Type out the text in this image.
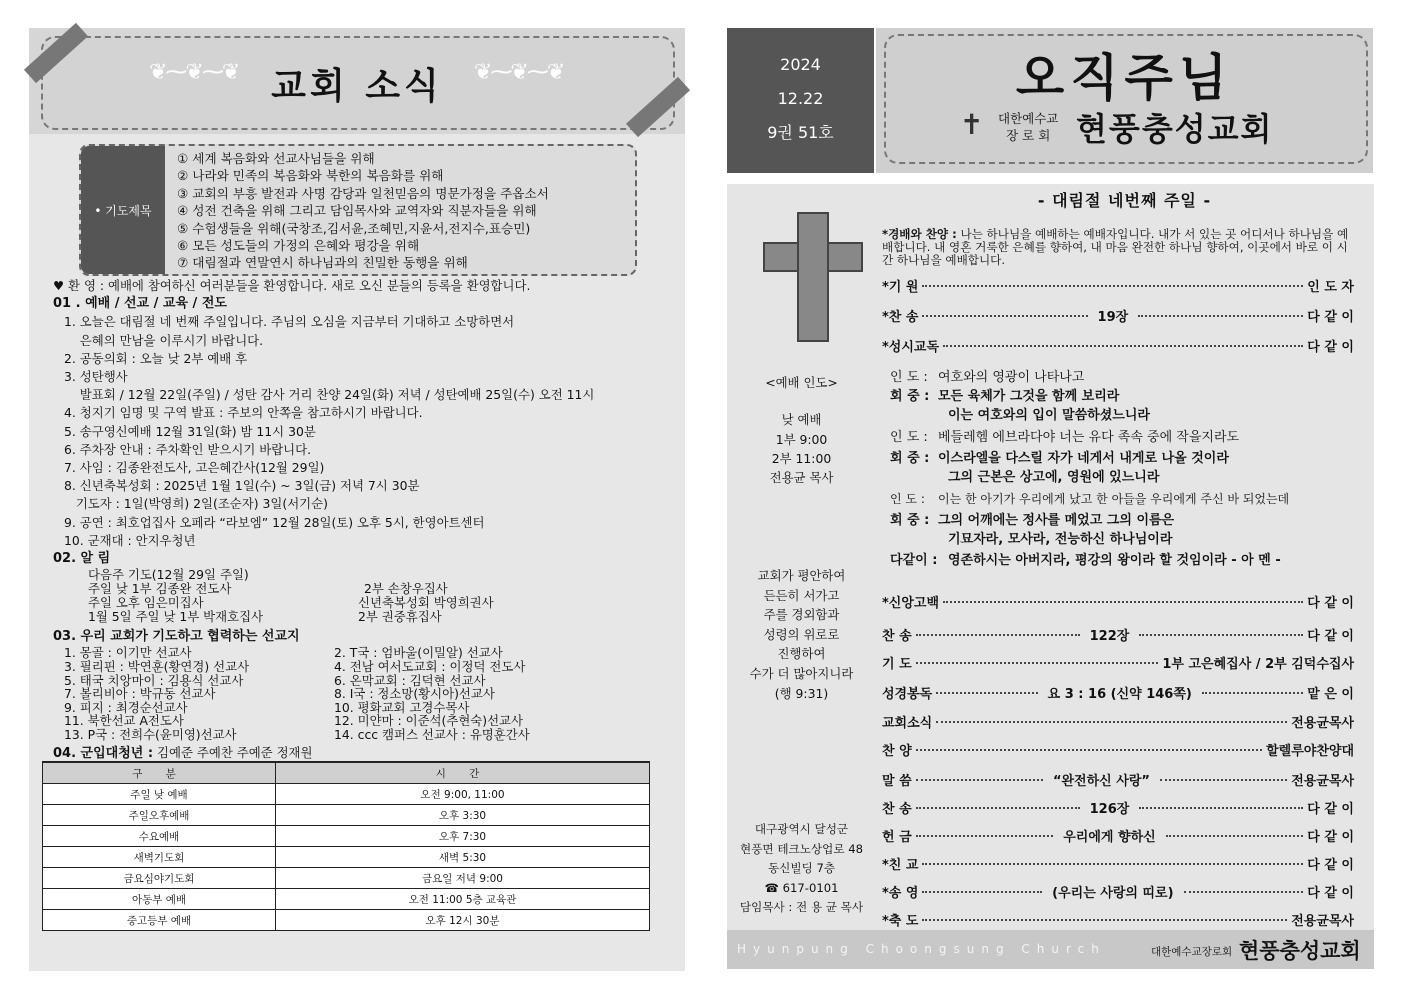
❦⁓❦⁓❦	❦⁓❦⁓❦
교회 소식
• 기도제목
① 세계 복음화와 선교사님들을 위해
② 나라와 민족의 복음화와 북한의 복음화를 위해
③ 교회의 부흥 발전과 사명 감당과 일천믿음의 명문가정을 주옵소서
④ 성전 건축을 위해 그리고 담임목사와 교역자와 직분자들을 위해
⑤ 수험생들을 위해(국창조,김서윤,조혜민,지윤서,전지수,표승민)
⑥ 모든 성도들의 가정의 은혜와 평강을 위해
⑦ 대림절과 연말연시 하나님과의 친밀한 동행을 위해
♥ 환 영 : 예배에 참여하신 여러분들을 환영합니다. 새로 오신 분들의 등록을 환영합니다.
01 . 예배 / 선교 / 교육 / 전도
1. 오늘은 대림절 네 번째 주일입니다. 주님의 오심을 지금부터 기대하고 소망하면서
은혜의 만남을 이루시기 바랍니다.
2. 공동의회 : 오늘 낮 2부 예배 후
3. 성탄행사
발표회 / 12월 22일(주일) / 성탄 감사 거리 찬양 24일(화) 저녁 / 성탄예배 25일(수) 오전 11시
4. 청지기 임명 및 구역 발표 : 주보의 안쪽을 참고하시기 바랍니다.
5. 송구영신예배 12월 31일(화) 밤 11시 30분
6. 주차장 안내 : 주차확인 받으시기 바랍니다.
7. 사임 : 김종완전도사, 고은혜간사(12월 29일)
8. 신년축복성회 : 2025년 1월 1일(수) ~ 3일(금) 저녁 7시 30분
기도자 : 1일(박영희) 2일(조순자) 3일(서기순)
9. 공연 : 최호업집사 오페라 “라보엠” 12월 28일(토) 오후 5시, 한영아트센터
10. 군재대 : 안지우청년
02. 알 림
다음주 기도(12월 29일 주일)
주일 낮 1부 김종완 전도사	2부 손창우집사
주일 오후 임은미집사	신년축복성회 박영희권사
1월 5일 주일 낮 1부 박재호집사	2부 권중휴집사
03. 우리 교회가 기도하고 협력하는 선교지
1. 몽골 : 이기만 선교사	2. T국 : 엄바울(이밀알) 선교사
3. 필리핀 : 박연훈(황연경) 선교사	4. 전남 여서도교회 : 이정덕 전도사
5. 태국 치앙마이 : 김용식 선교사	6. 온막교회 : 김덕현 선교사
7. 볼리비아 : 박규동 선교사	8. I국 : 정소망(황시아)선교사
9. 피지 : 최경순선교사	10. 평화교회 고경수목사
11. 북한선교 A전도사	12. 미얀마 : 이준석(추현숙)선교사
13. P국 : 전희수(윤미영)선교사	14. ccc 캠퍼스 선교사 : 유명훈간사
04. 군입대청년 : 김예준 주예찬 주예준 정재원
구 분	시 간
주일 낮 예배	오전 9:00, 11:00
주일오후예배	오후 3:30
수요예배	오후 7:30
새벽기도회	새벽 5:30
금요심야기도회	금요일 저녁 9:00
아동부 예배	오전 11:00 5층 교육관
중고등부 예배	오후 12시 30분
2024
12.22
9권 51호
오직주님
✝ 대한예수교
장 로 회 현풍충성교회
<예배 인도>
낮 예배
1부 9:00
2부 11:00
전용균 목사
교회가 평안하여
든든히 서가고
주를 경외함과
성령의 위로로
진행하여
수가 더 많아지니라
(행 9:31)
대구광역시 달성군
현풍면 테크노상업로 48
동신빌딩 7층
☎ 617-0101
담임목사 : 전 용 균 목사
- 대림절 네번째 주일 -
*경배와 찬양 : 나는 하나님을 예배하는 예배자입니다. 내가 서 있는 곳 어디서나 하나님을 예배합니다. 내 영혼 거룩한 은혜를 향하여, 내 마음 완전한 하나님 향하여, 이곳에서 바로 이 시간 하나님을 예배합니다.
*기 원	인 도 자
*찬 송	19장	다 같 이
*성시교독	다 같 이
인 도 : 여호와의 영광이 나타나고
회 중 : 모든 육체가 그것을 함께 보리라
이는 여호와의 입이 말씀하셨느니라
인 도 : 베들레헴 에브라다야 너는 유다 족속 중에 작을지라도
회 중 : 이스라엘을 다스릴 자가 네게서 내게로 나올 것이라
그의 근본은 상고에, 영원에 있느니라
인 도 : 이는 한 아기가 우리에게 났고 한 아들을 우리에게 주신 바 되었는데
회 중 : 그의 어깨에는 정사를 메었고 그의 이름은
기묘자라, 모사라, 전능하신 하나님이라
다같이 : 영존하시는 아버지라, 평강의 왕이라 할 것임이라 - 아 멘 -
*신앙고백	다 같 이
찬 송	122장	다 같 이
기 도	1부 고은혜집사 / 2부 김덕수집사
성경봉독	요 3 : 16 (신약 146쪽)	맡 은 이
교회소식	전용균목사
찬 양	할렐루야찬양대
말 씀	“완전하신 사랑”	전용균목사
찬 송	126장	다 같 이
헌 금	우리에게 향하신	다 같 이
*친 교	다 같 이
*송 영	(우리는 사랑의 띠로)	다 같 이
*축 도	전용균목사
Hyunpung Choongsung Church	대한예수교장로회 현풍충성교회
